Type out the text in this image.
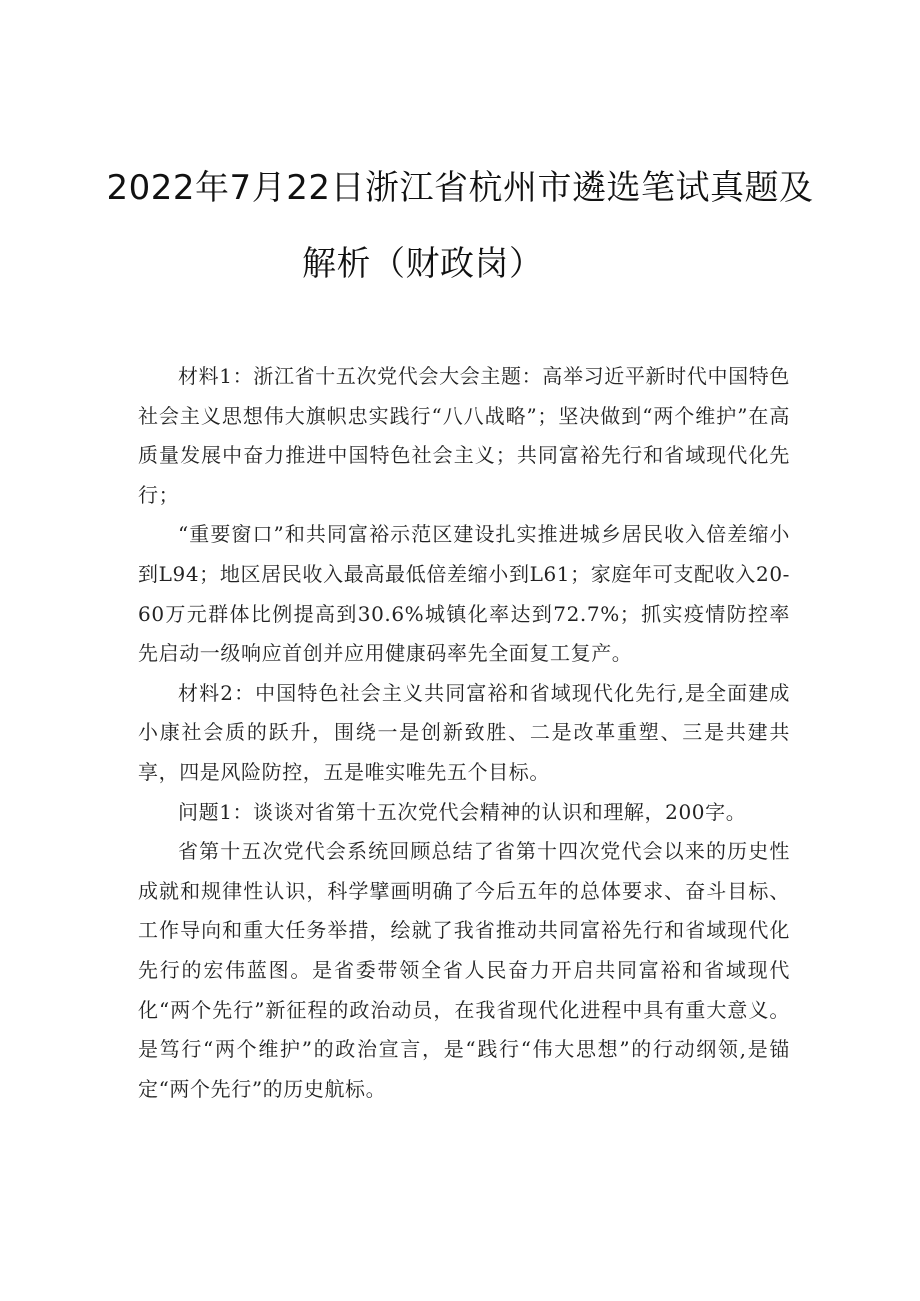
2022年7月22日浙江省杭州市遴选笔试真题及
解析（财政岗）

材料1：浙江省十五次党代会大会主题：高举习近平新时代中国特色社会主义思想伟大旗帜忠实践行“八八战略”；坚决做到“两个维护”在高质量发展中奋力推进中国特色社会主义；共同富裕先行和省域现代化先行；

“重要窗口”和共同富裕示范区建设扎实推进城乡居民收入倍差缩小到L94；地区居民收入最高最低倍差缩小到L61；家庭年可支配收入20-60万元群体比例提高到30.6%城镇化率达到72.7%；抓实疫情防控率先启动一级响应首创并应用健康码率先全面复工复产。

材料2：中国特色社会主义共同富裕和省域现代化先行,是全面建成小康社会质的跃升，围绕一是创新致胜、二是改革重塑、三是共建共享，四是风险防控，五是唯实唯先五个目标。

问题1：谈谈对省第十五次党代会精神的认识和理解，200字。

省第十五次党代会系统回顾总结了省第十四次党代会以来的历史性成就和规律性认识，科学擘画明确了今后五年的总体要求、奋斗目标、工作导向和重大任务举措，绘就了我省推动共同富裕先行和省域现代化先行的宏伟蓝图。是省委带领全省人民奋力开启共同富裕和省域现代化“两个先行”新征程的政治动员，在我省现代化进程中具有重大意义。是笃行“两个维护”的政治宣言，是“践行“伟大思想”的行动纲领,是锚定“两个先行”的历史航标。
